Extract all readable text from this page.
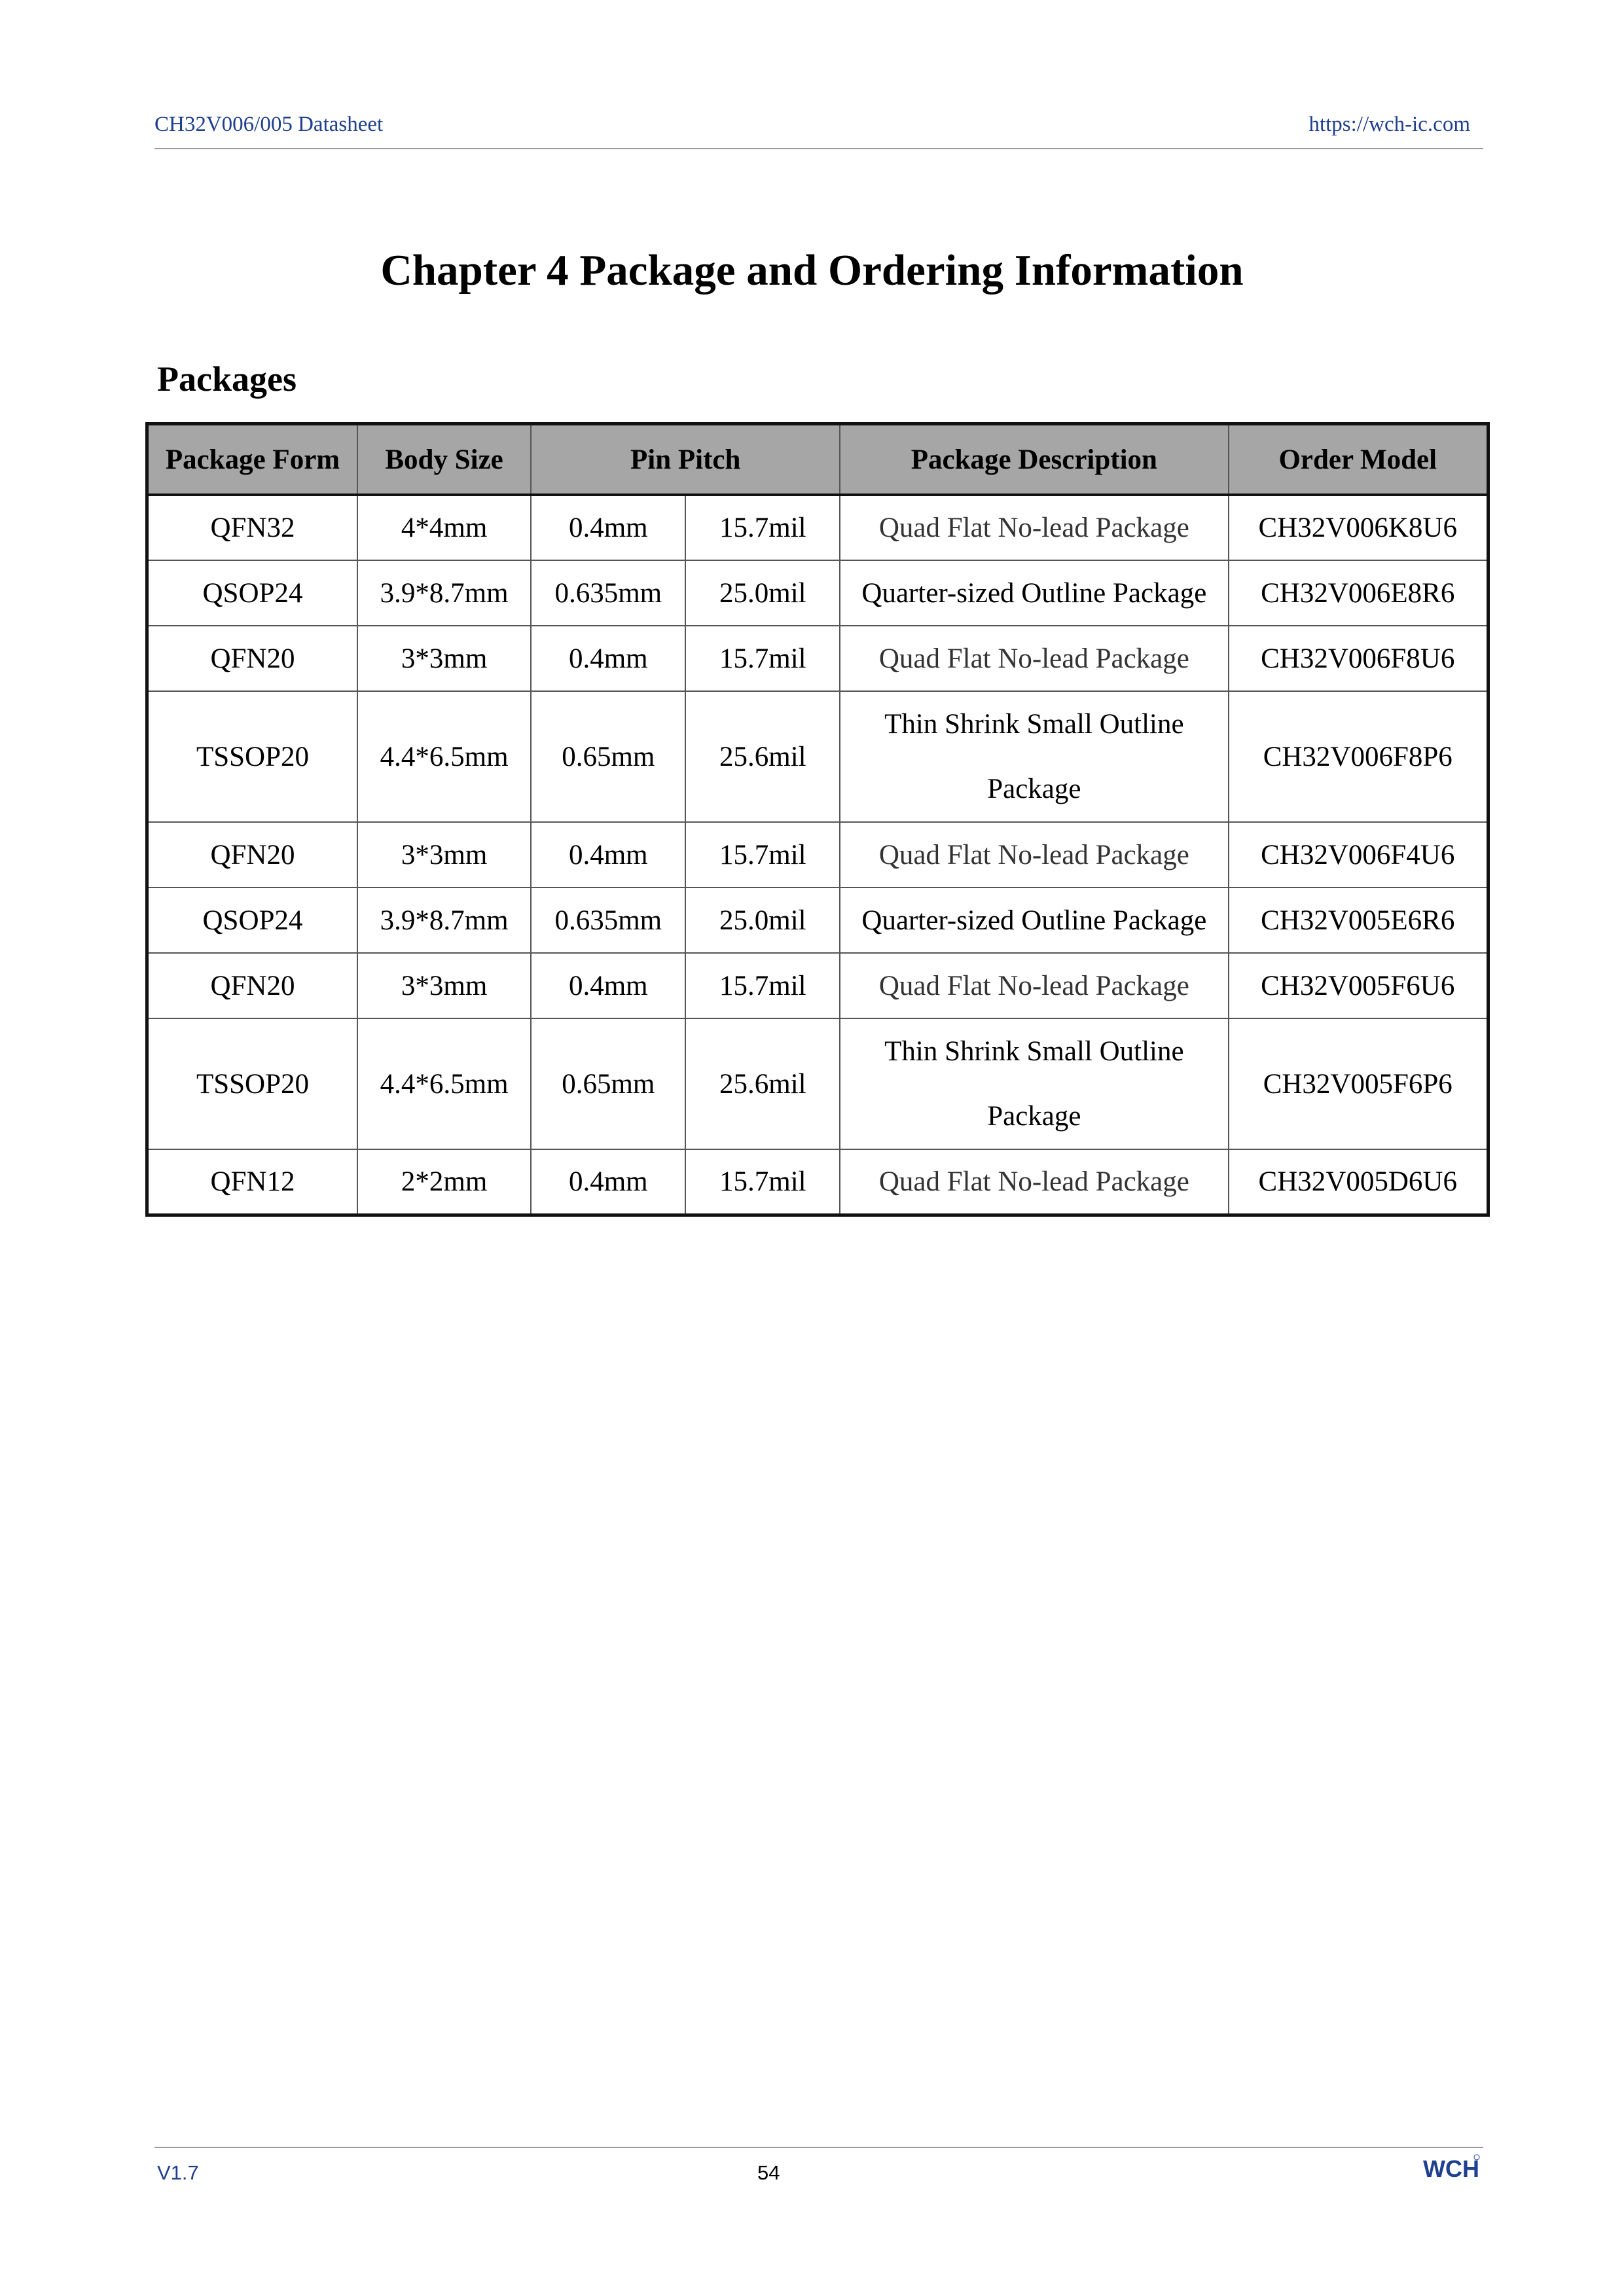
CH32V006/005 Datasheet	https://wch-ic.com
Chapter 4 Package and Ordering Information
Packages
Package Form	Body Size	Pin Pitch		Package Description	Order Model
QFN32	4*4mm	0.4mm	15.7mil	Quad Flat No-lead Package	CH32V006K8U6
QSOP24	3.9*8.7mm	0.635mm	25.0mil	Quarter-sized Outline Package	CH32V006E8R6
QFN20	3*3mm	0.4mm	15.7mil	Quad Flat No-lead Package	CH32V006F8U6
TSSOP20	4.4*6.5mm	0.65mm	25.6mil	Thin Shrink Small Outline Package	CH32V006F8P6
QFN20	3*3mm	0.4mm	15.7mil	Quad Flat No-lead Package	CH32V006F4U6
QSOP24	3.9*8.7mm	0.635mm	25.0mil	Quarter-sized Outline Package	CH32V005E6R6
QFN20	3*3mm	0.4mm	15.7mil	Quad Flat No-lead Package	CH32V005F6U6
TSSOP20	4.4*6.5mm	0.65mm	25.6mil	Thin Shrink Small Outline Package	CH32V005F6P6
QFN12	2*2mm	0.4mm	15.7mil	Quad Flat No-lead Package	CH32V005D6U6
V1.7	54	WCH
